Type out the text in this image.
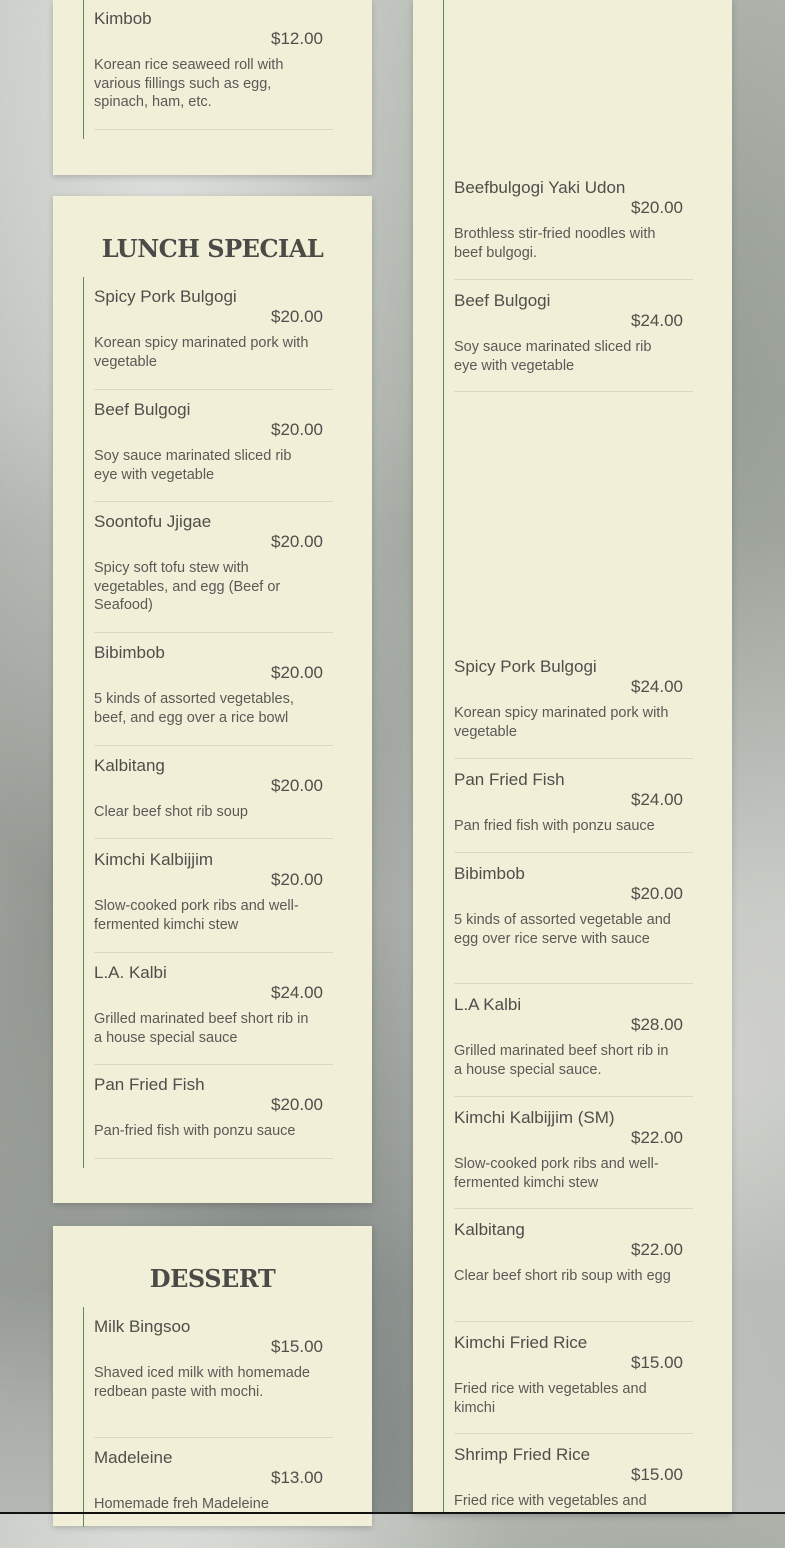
Kimbob
$12.00
Korean rice seaweed roll with various fillings such as egg, spinach, ham, etc.
LUNCH SPECIAL
Spicy Pork Bulgogi
$20.00
Korean spicy marinated pork with vegetable
Beef Bulgogi
$20.00
Soy sauce marinated sliced rib eye with vegetable
Soontofu Jjigae
$20.00
Spicy soft tofu stew with vegetables, and egg (Beef or Seafood)
Bibimbob
$20.00
5 kinds of assorted vegetables, beef, and egg over a rice bowl
Kalbitang
$20.00
Clear beef shot rib soup
Kimchi Kalbijjim
$20.00
Slow-cooked pork ribs and well-fermented kimchi stew
L.A. Kalbi
$24.00
Grilled marinated beef short rib in a house special sauce
Pan Fried Fish
$20.00
Pan-fried fish with ponzu sauce
DESSERT
Milk Bingsoo
$15.00
Shaved iced milk with homemade redbean paste with mochi.
Madeleine
$13.00
Homemade freh Madeleine
Beefbulgogi Yaki Udon
$20.00
Brothless stir-fried noodles with beef bulgogi.
Beef Bulgogi
$24.00
Soy sauce marinated sliced rib eye with vegetable
Spicy Pork Bulgogi
$24.00
Korean spicy marinated pork with vegetable
Pan Fried Fish
$24.00
Pan fried fish with ponzu sauce
Bibimbob
$20.00
5 kinds of assorted vegetable and egg over rice serve with sauce
L.A Kalbi
$28.00
Grilled marinated beef short rib in a house special sauce.
Kimchi Kalbijjim (SM)
$22.00
Slow-cooked pork ribs and well-fermented kimchi stew
Kalbitang
$22.00
Clear beef short rib soup with egg
Kimchi Fried Rice
$15.00
Fried rice with vegetables and kimchi
Shrimp Fried Rice
$15.00
Fried rice with vegetables and
